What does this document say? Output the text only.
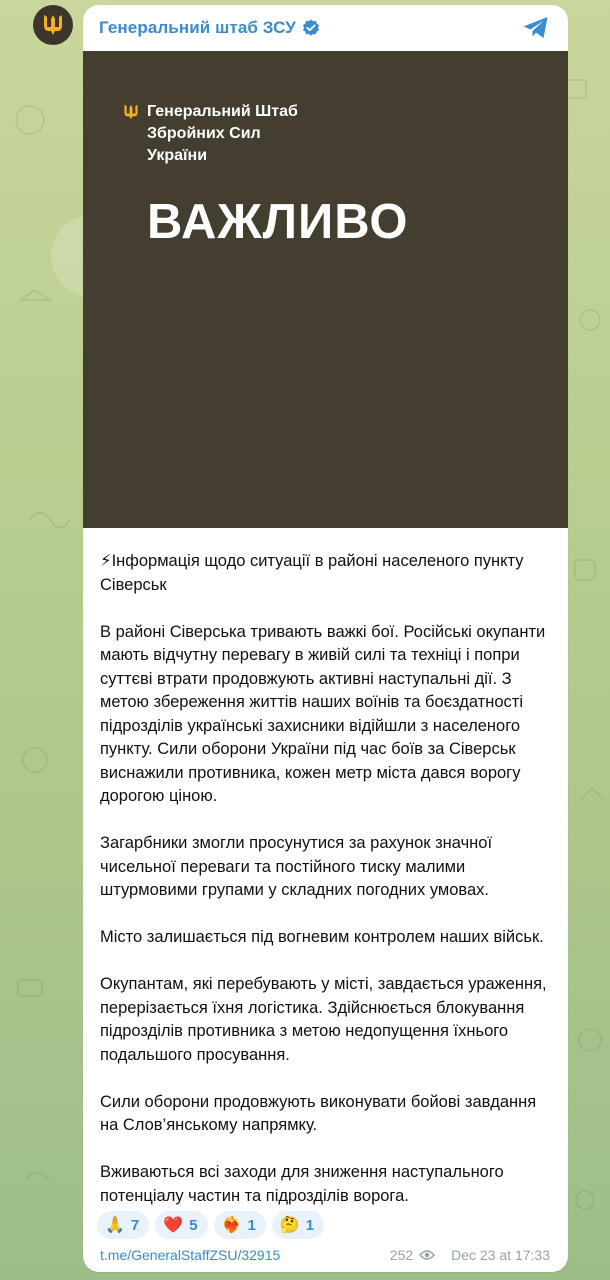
Генеральний штаб ЗСУ
Генеральний Штаб
Збройних Сил
України
ВАЖЛИВО

⚡Інформація щодо ситуації в районі населеного пункту Сіверськ

В районі Сіверська тривають важкі бої. Російські окупанти мають відчутну перевагу в живій силі та техніці і попри суттєві втрати продовжують активні наступальні дії. З метою збереження життів наших воїнів та боєздатності підрозділів українські захисники відійшли з населеного пункту. Сили оборони України під час боїв за Сіверськ виснажили противника, кожен метр міста дався ворогу дорогою ціною.

Загарбники змогли просунутися за рахунок значної чисельної переваги та постійного тиску малими штурмовими групами у складних погодних умовах.

Місто залишається під вогневим контролем наших військ.

Окупантам, які перебувають у місті, завдається ураження, перерізається їхня логістика. Здійснюється блокування підрозділів противника з метою недопущення їхнього подальшого просування.

Сили оборони продовжують виконувати бойові завдання на Слов’янському напрямку.

Вживаються всі заходи для зниження наступального потенціалу частин та підрозділів ворога.

🙏 7 ❤️ 5 ❤️‍🔥 1 🤔 1
t.me/GeneralStaffZSU/32915	252	Dec 23 at 17:33
